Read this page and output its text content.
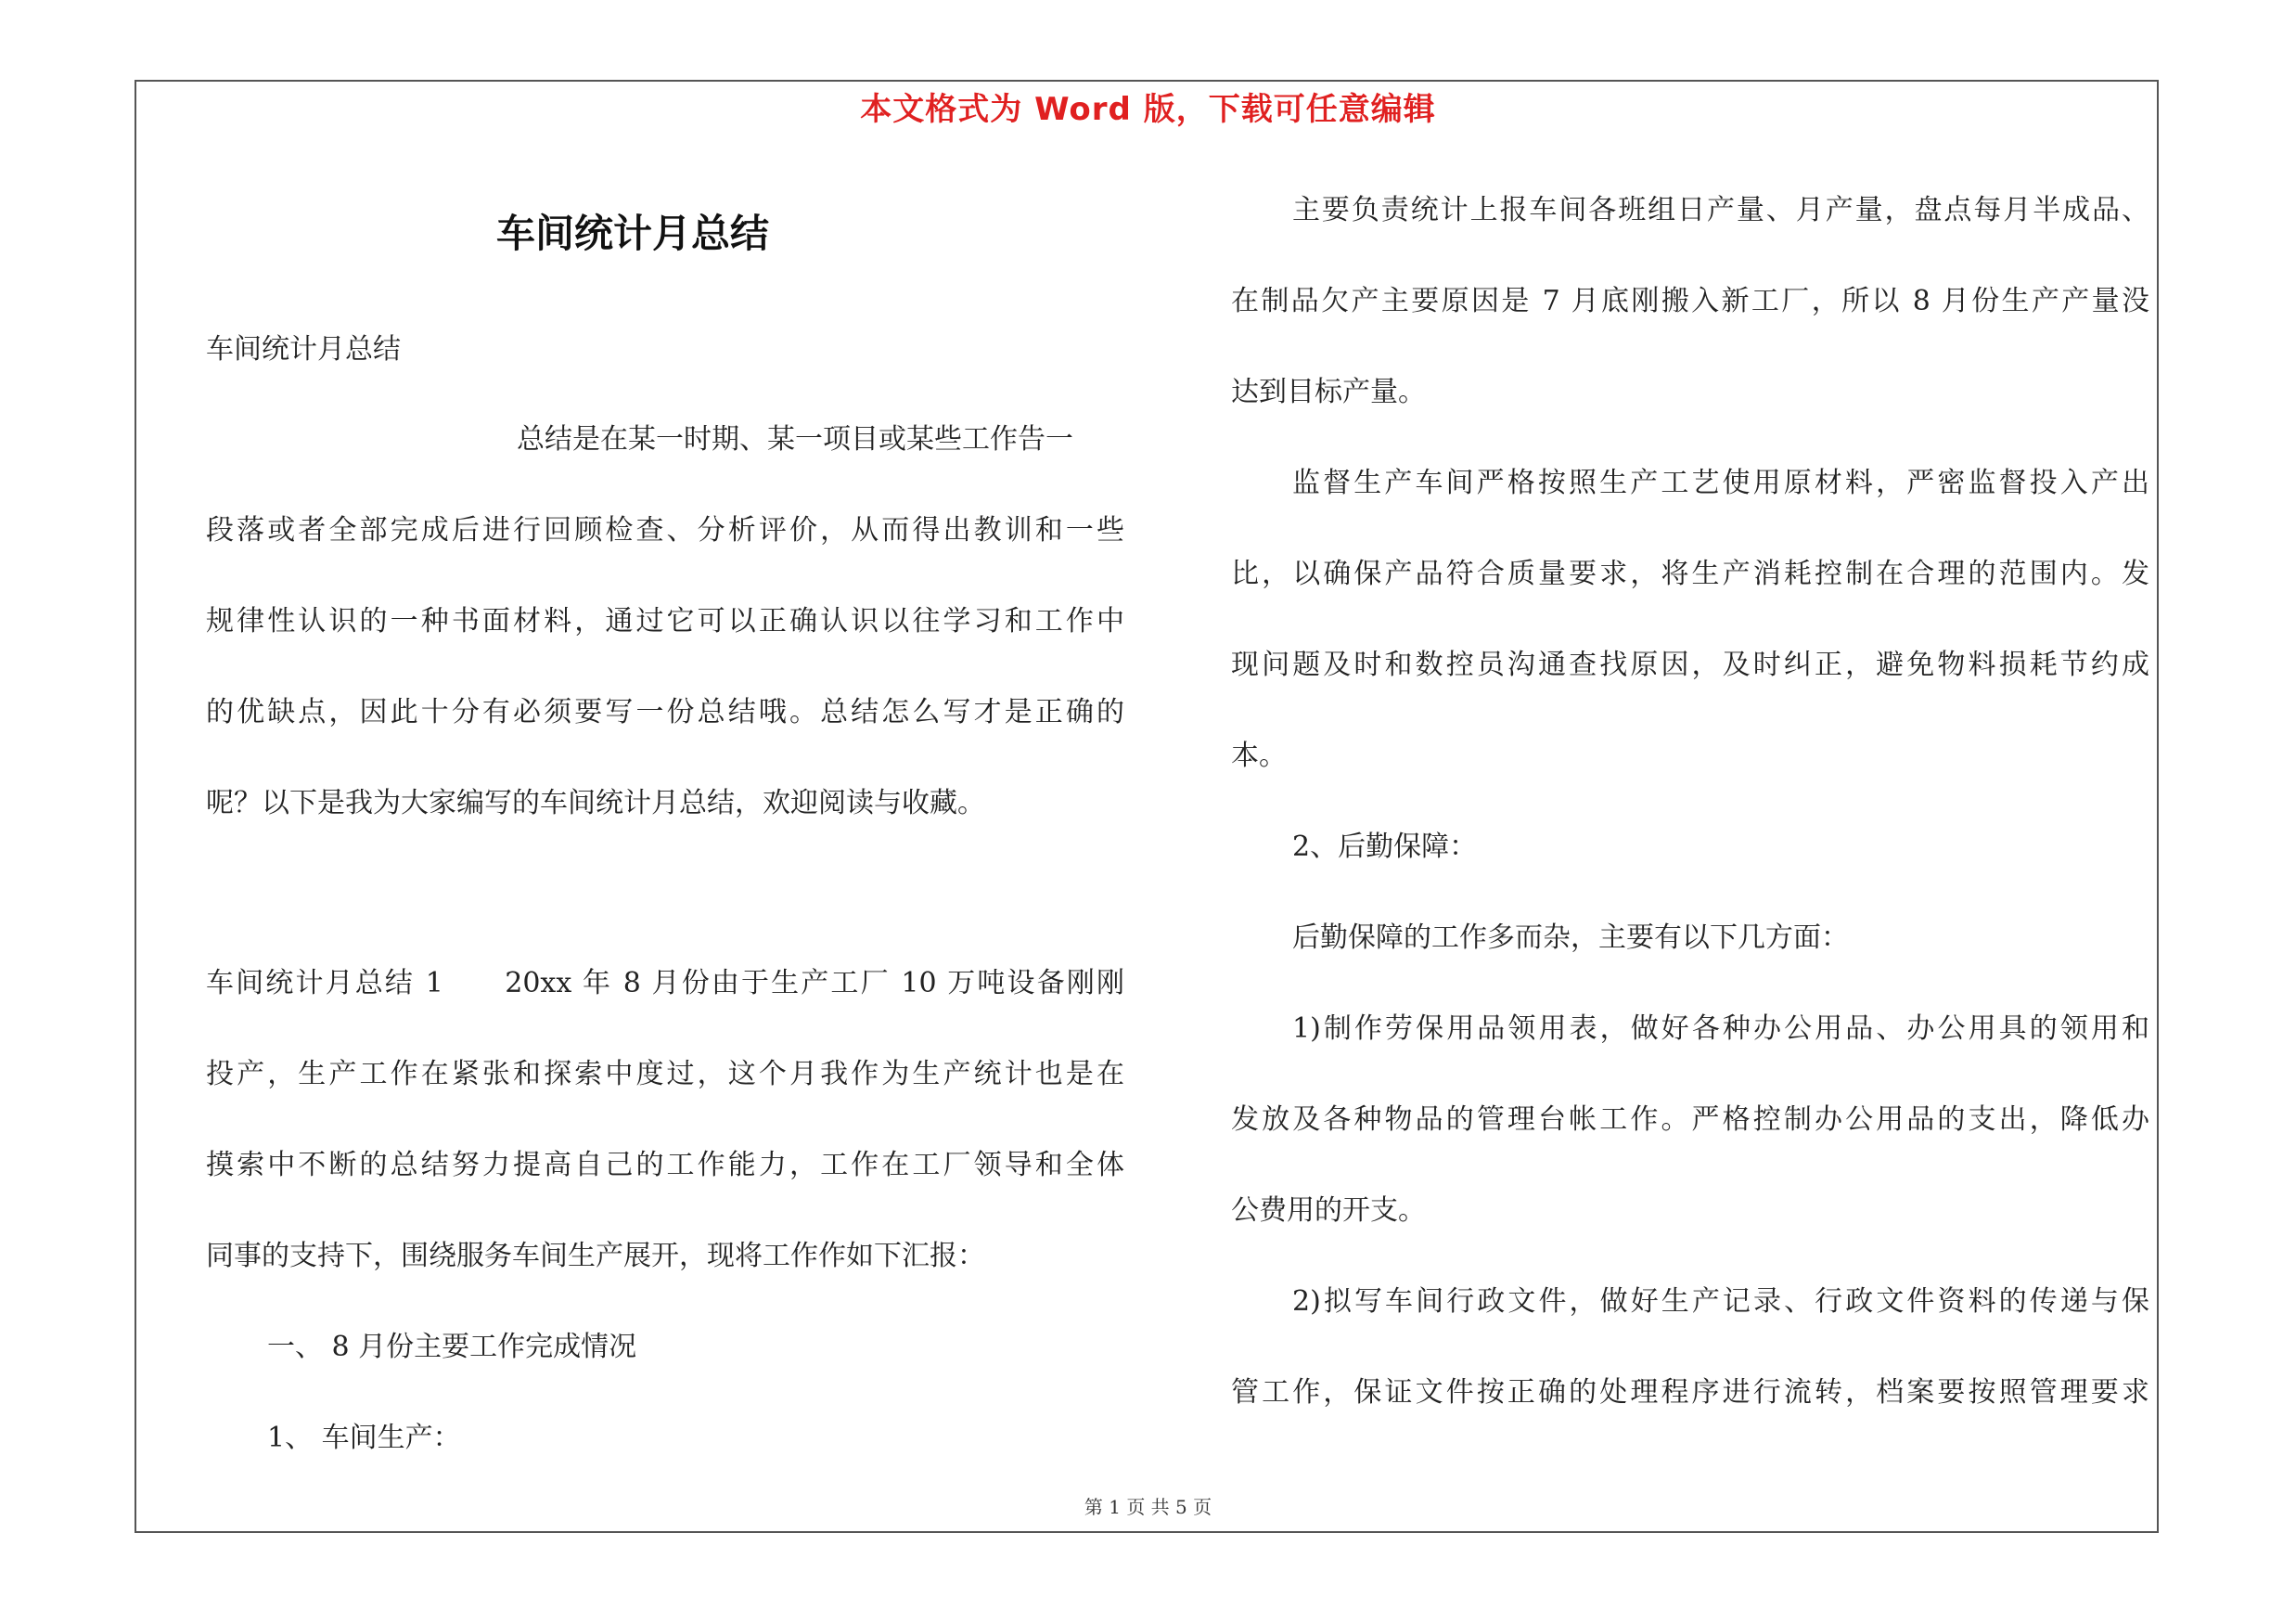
本文格式为 Word 版，下载可任意编辑
车间统计月总结
车间统计月总结
总结是在某一时期、某一项目或某些工作告一
段落或者全部完成后进行回顾检查、分析评价，从而得出教训和一些
规律性认识的一种书面材料，通过它可以正确认识以往学习和工作中
的优缺点，因此十分有必须要写一份总结哦。总结怎么写才是正确的
呢？以下是我为大家编写的车间统计月总结，欢迎阅读与收藏。
车间统计月总结 1　　20xx 年 8 月份由于生产工厂 10 万吨设备刚刚
投产，生产工作在紧张和探索中度过，这个月我作为生产统计也是在
摸索中不断的总结努力提高自己的工作能力，工作在工厂领导和全体
同事的支持下，围绕服务车间生产展开，现将工作作如下汇报：
一、 8 月份主要工作完成情况
1、 车间生产：
主要负责统计上报车间各班组日产量、月产量，盘点每月半成品、
在制品欠产主要原因是 7 月底刚搬入新工厂，所以 8 月份生产产量没
达到目标产量。
监督生产车间严格按照生产工艺使用原材料，严密监督投入产出
比，以确保产品符合质量要求，将生产消耗控制在合理的范围内。发
现问题及时和数控员沟通查找原因，及时纠正，避免物料损耗节约成
本。
2、后勤保障：
后勤保障的工作多而杂，主要有以下几方面：
1)制作劳保用品领用表，做好各种办公用品、办公用具的领用和
发放及各种物品的管理台帐工作。严格控制办公用品的支出，降低办
公费用的开支。
2)拟写车间行政文件，做好生产记录、行政文件资料的传递与保
管工作，保证文件按正确的处理程序进行流转，档案要按照管理要求
第 1 页 共 5 页
